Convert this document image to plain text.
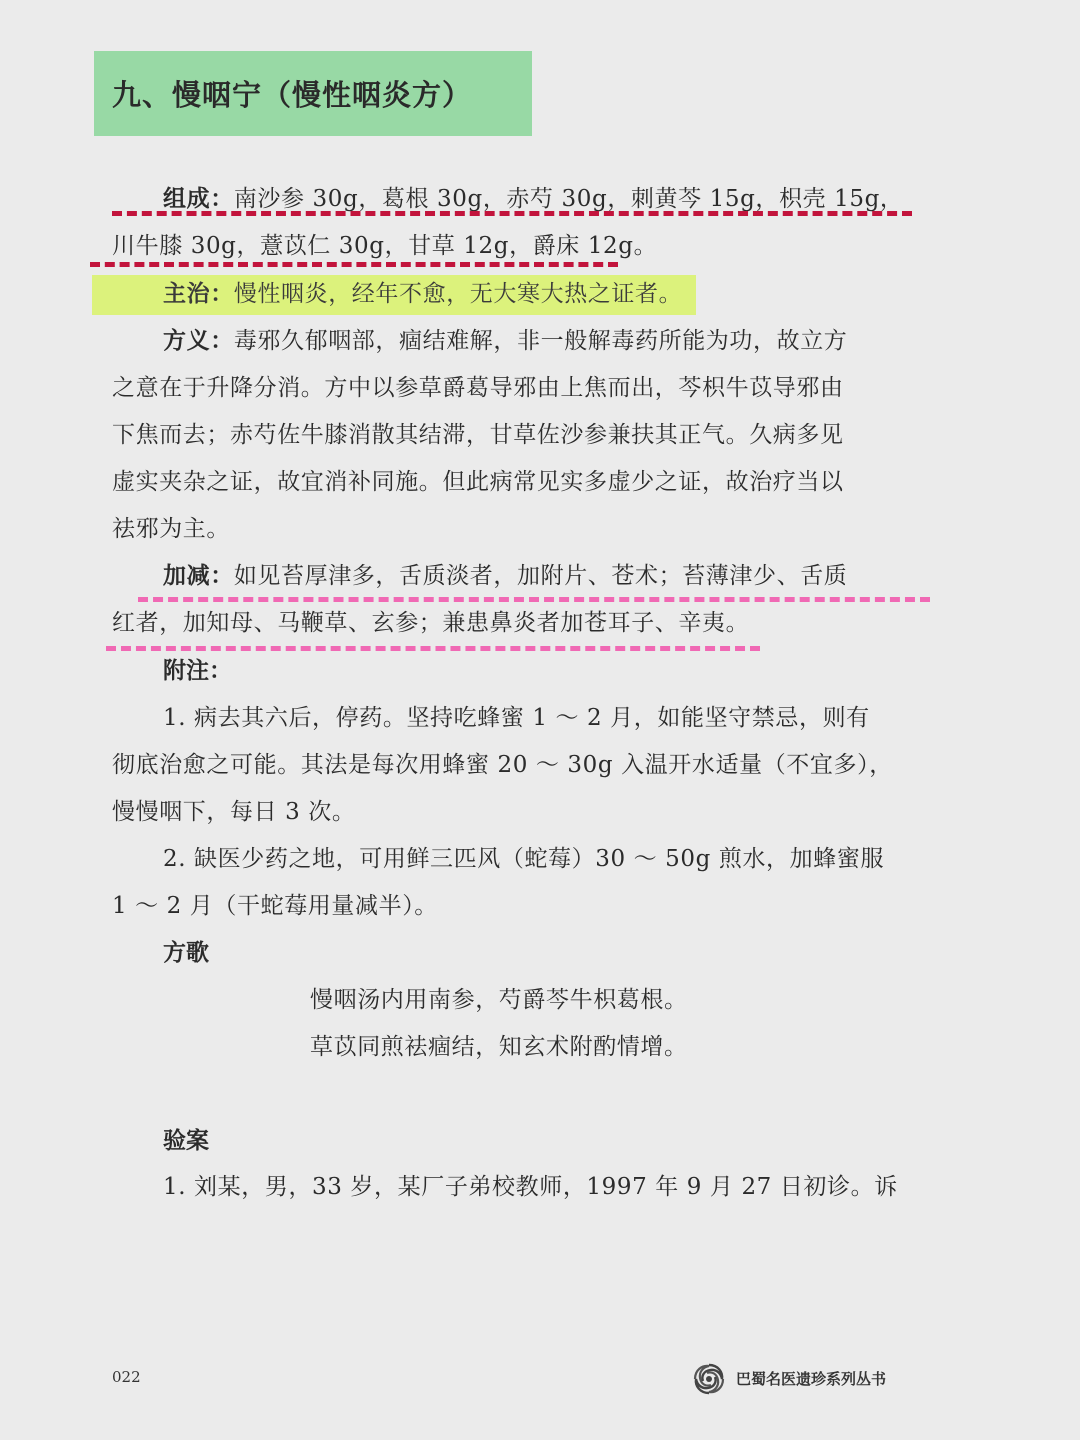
九、慢咽宁（慢性咽炎方）
组成：南沙参 30g，葛根 30g，赤芍 30g，刺黄芩 15g，枳壳 15g，
川牛膝 30g，薏苡仁 30g，甘草 12g，爵床 12g。
主治：慢性咽炎，经年不愈，无大寒大热之证者。
方义：毒邪久郁咽部，痼结难解，非一般解毒药所能为功，故立方
之意在于升降分消。方中以参草爵葛导邪由上焦而出，芩枳牛苡导邪由
下焦而去；赤芍佐牛膝消散其结滞，甘草佐沙参兼扶其正气。久病多见
虚实夹杂之证，故宜消补同施。但此病常见实多虚少之证，故治疗当以
祛邪为主。
加减：如见苔厚津多，舌质淡者，加附片、苍术；苔薄津少、舌质
红者，加知母、马鞭草、玄参；兼患鼻炎者加苍耳子、辛夷。
附注：
1. 病去其六后，停药。坚持吃蜂蜜 1 ～ 2 月，如能坚守禁忌，则有
彻底治愈之可能。其法是每次用蜂蜜 20 ～ 30g 入温开水适量（不宜多），
慢慢咽下，每日 3 次。
2. 缺医少药之地，可用鲜三匹风（蛇莓）30 ～ 50g 煎水，加蜂蜜服
1 ～ 2 月（干蛇莓用量减半）。
方歌
慢咽汤内用南参，芍爵芩牛枳葛根。
草苡同煎祛痼结，知玄术附酌情增。
验案
1. 刘某，男，33 岁，某厂子弟校教师，1997 年 9 月 27 日初诊。诉
022	巴蜀名医遗珍系列丛书
